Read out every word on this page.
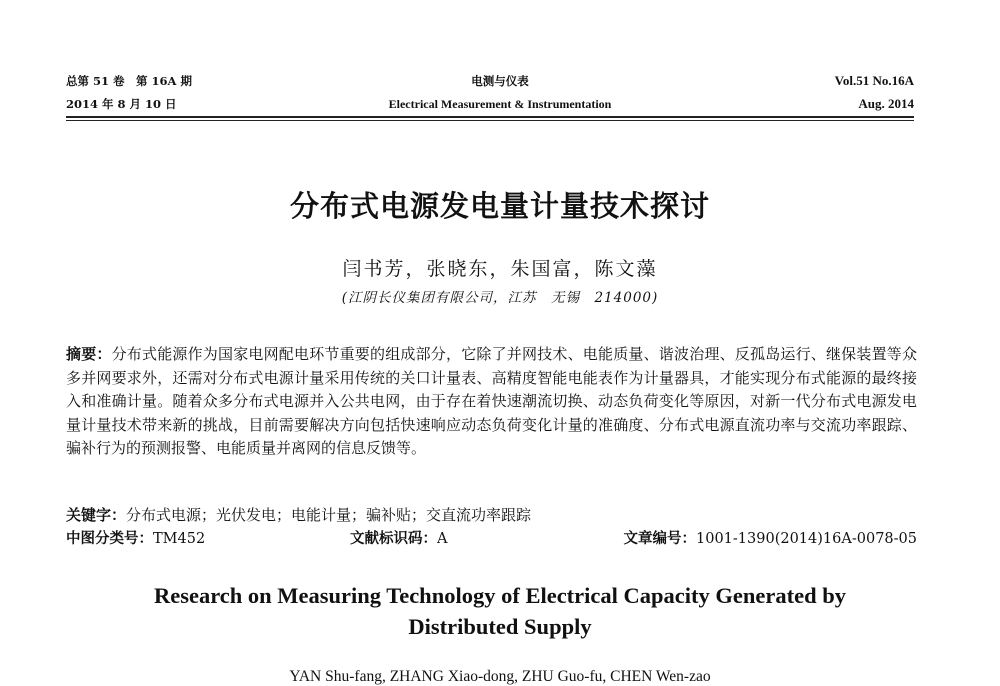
总第 51 卷　第 16A 期
2014 年 8 月 10 日
电测与仪表
Electrical Measurement & Instrumentation
Vol.51 No.16A
Aug. 2014
分布式电源发电量计量技术探讨
闫书芳，张晓东，朱国富，陈文藻
(江阴长仪集团有限公司，江苏　无锡　214000)

摘要：分布式能源作为国家电网配电环节重要的组成部分，它除了并网技术、电能质量、谐波治理、反孤岛运行、继保装置等众多并网要求外，还需对分布式电源计量采用传统的关口计量表、高精度智能电能表作为计量器具，才能实现分布式能源的最终接入和准确计量。随着众多分布式电源并入公共电网，由于存在着快速潮流切换、动态负荷变化等原因，对新一代分布式电源发电量计量技术带来新的挑战，目前需要解决方向包括快速响应动态负荷变化计量的准确度、分布式电源直流功率与交流功率跟踪、骗补行为的预测报警、电能质量并离网的信息反馈等。

关键字：分布式电源；光伏发电；电能计量；骗补贴；交直流功率跟踪
中图分类号：TM452	文献标识码：A	文章编号：1001-1390(2014)16A-0078-05
Research on Measuring Technology of Electrical Capacity Generated by
Distributed Supply
YAN Shu-fang, ZHANG Xiao-dong, ZHU Guo-fu, CHEN Wen-zao
